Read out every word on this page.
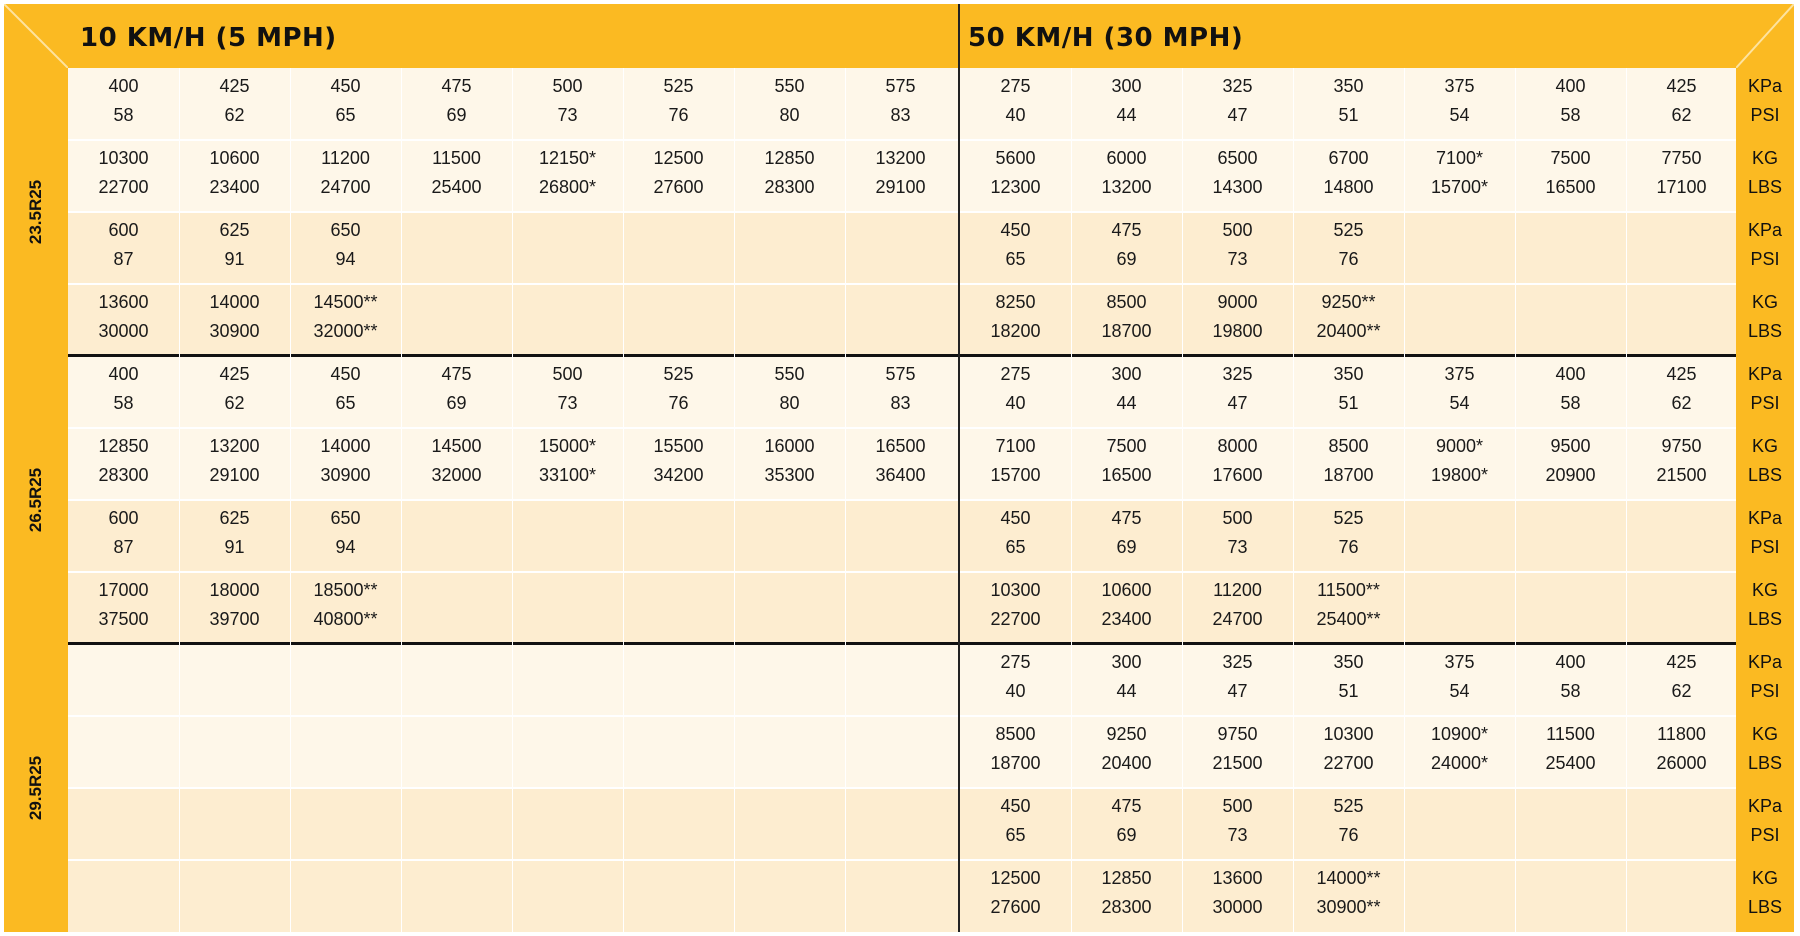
10 KM/H (5 MPH)	50 KM/H (30 MPH)
23.5R25
KPa
PSI
KG
LBS
KPa
PSI
KG
LBS
400
58
425
62
450
65
475
69
500
73
525
76
550
80
575
83
275
40
300
44
325
47
350
51
375
54
400
58
425
62
10300
22700
10600
23400
11200
24700
11500
25400
12150*
26800*
12500
27600
12850
28300
13200
29100
5600
12300
6000
13200
6500
14300
6700
14800
7100*
15700*
7500
16500
7750
17100
600
87
625
91
650
94
450
65
475
69
500
73
525
76
13600
30000
14000
30900
14500**
32000**
8250
18200
8500
18700
9000
19800
9250**
20400**
26.5R25
KPa
PSI
KG
LBS
KPa
PSI
KG
LBS
400
58
425
62
450
65
475
69
500
73
525
76
550
80
575
83
275
40
300
44
325
47
350
51
375
54
400
58
425
62
12850
28300
13200
29100
14000
30900
14500
32000
15000*
33100*
15500
34200
16000
35300
16500
36400
7100
15700
7500
16500
8000
17600
8500
18700
9000*
19800*
9500
20900
9750
21500
600
87
625
91
650
94
450
65
475
69
500
73
525
76
17000
37500
18000
39700
18500**
40800**
10300
22700
10600
23400
11200
24700
11500**
25400**
29.5R25
KPa
PSI
KG
LBS
KPa
PSI
KG
LBS
275
40
300
44
325
47
350
51
375
54
400
58
425
62
8500
18700
9250
20400
9750
21500
10300
22700
10900*
24000*
11500
25400
11800
26000
450
65
475
69
500
73
525
76
12500
27600
12850
28300
13600
30000
14000**
30900**
